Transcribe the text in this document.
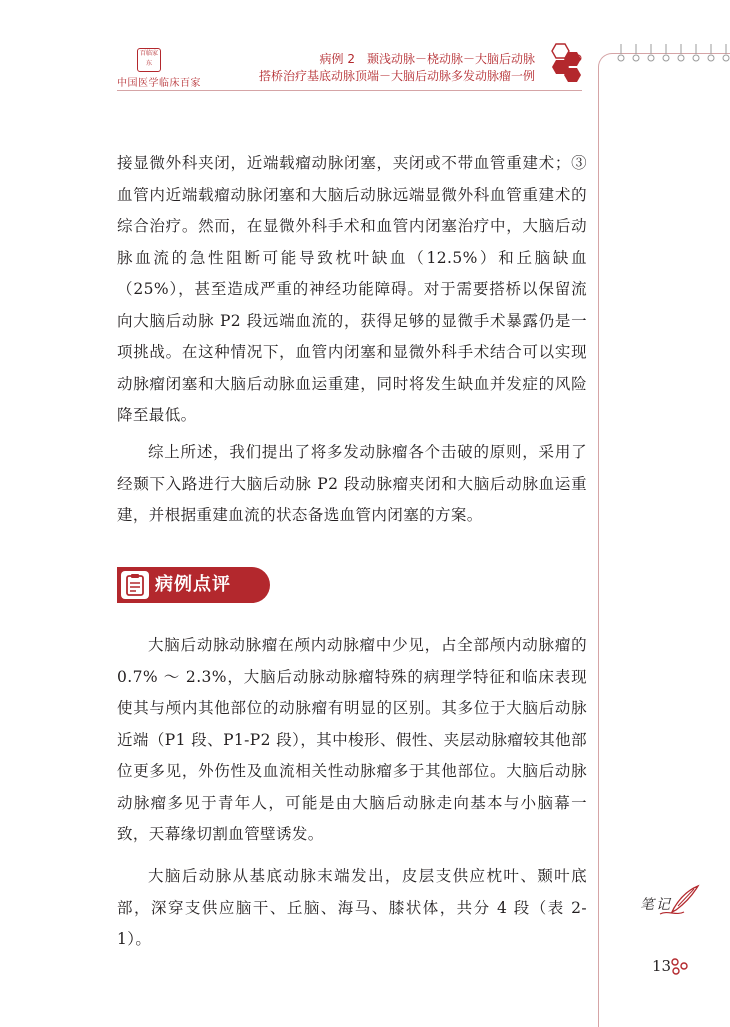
百临家东
中国医学临床百家
病例 2　颞浅动脉－桡动脉－大脑后动脉
搭桥治疗基底动脉顶端－大脑后动脉多发动脉瘤一例

接显微外科夹闭，近端载瘤动脉闭塞，夹闭或不带血管重建术；③血管内近端载瘤动脉闭塞和大脑后动脉远端显微外科血管重建术的综合治疗。然而，在显微外科手术和血管内闭塞治疗中，大脑后动脉血流的急性阻断可能导致枕叶缺血（12.5%）和丘脑缺血（25%），甚至造成严重的神经功能障碍。对于需要搭桥以保留流向大脑后动脉 P2 段远端血流的，获得足够的显微手术暴露仍是一项挑战。在这种情况下，血管内闭塞和显微外科手术结合可以实现动脉瘤闭塞和大脑后动脉血运重建，同时将发生缺血并发症的风险降至最低。

综上所述，我们提出了将多发动脉瘤各个击破的原则，采用了经颞下入路进行大脑后动脉 P2 段动脉瘤夹闭和大脑后动脉血运重建，并根据重建血流的状态备选血管内闭塞的方案。

病例点评

大脑后动脉动脉瘤在颅内动脉瘤中少见，占全部颅内动脉瘤的 0.7% ～ 2.3%，大脑后动脉动脉瘤特殊的病理学特征和临床表现使其与颅内其他部位的动脉瘤有明显的区别。其多位于大脑后动脉近端（P1 段、P1-P2 段），其中梭形、假性、夹层动脉瘤较其他部位更多见，外伤性及血流相关性动脉瘤多于其他部位。大脑后动脉动脉瘤多见于青年人，可能是由大脑后动脉走向基本与小脑幕一致，天幕缘切割血管壁诱发。

大脑后动脉从基底动脉末端发出，皮层支供应枕叶、颞叶底部，深穿支供应脑干、丘脑、海马、膝状体，共分 4 段（表 2-1）。

笔记
13
